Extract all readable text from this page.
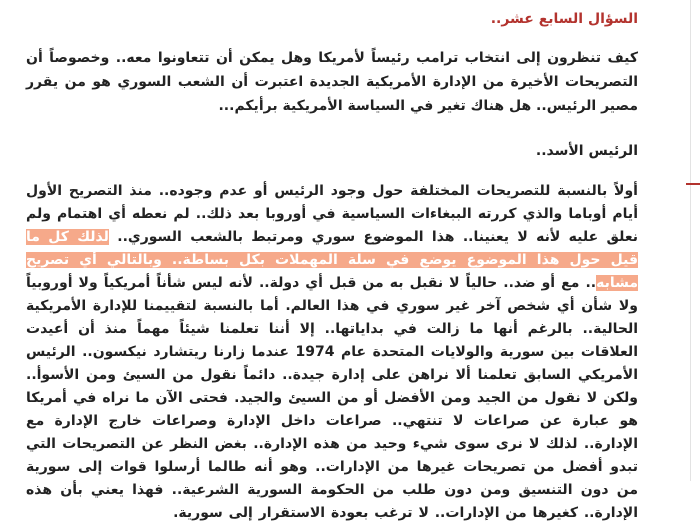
السؤال السابع عشر..

كيف تنظرون إلى انتخاب ترامب رئيساً لأمريكا وهل يمكن أن تتعاونوا معه.. وخصوصاً أن التصريحات الأخيرة من الإدارة الأمريكية الجديدة اعتبرت أن الشعب السوري هو من يقرر مصير الرئيس.. هل هناك تغير في السياسة الأمريكية برأيكم...

الرئيس الأسد..

أولاً بالنسبة للتصريحات المختلفة حول وجود الرئيس أو عدم وجوده.. منذ التصريح الأول أيام أوباما والذي كررته الببغاءات السياسية في أوروبا بعد ذلك.. لم نعطه أي اهتمام ولم نعلق عليه لأنه لا يعنينا.. هذا الموضوع سوري ومرتبط بالشعب السوري.. لذلك كل ما قيل حول هذا الموضوع يوضع في سلة المهملات بكل بساطة.. وبالتالي أي تصريح مشابه.. مع أو ضد.. حالياً لا نقبل به من قبل أي دولة.. لأنه ليس شأناً أمريكياً ولا أوروبياً ولا شأن أي شخص آخر غير سوري في هذا العالم. أما بالنسبة لتقييمنا للإدارة الأمريكية الحالية.. بالرغم أنها ما زالت في بداياتها.. إلا أننا تعلمنا شيئاً مهماً منذ أن أعيدت العلاقات بين سورية والولايات المتحدة عام 1974 عندما زارنا ريتشارد نيكسون.. الرئيس الأمريكي السابق تعلمنا ألا نراهن على إدارة جيدة.. دائماً نقول من السيئ ومن الأسوأ.. ولكن لا نقول من الجيد ومن الأفضل أو من السيئ والجيد. فحتى الآن ما نراه في أمريكا هو عبارة عن صراعات لا تنتهي.. صراعات داخل الإدارة وصراعات خارج الإدارة مع الإدارة.. لذلك لا نرى سوى شيء وحيد من هذه الإدارة.. بغض النظر عن التصريحات التي تبدو أفضل من تصريحات غيرها من الإدارات.. وهو أنه طالما أرسلوا قوات إلى سورية من دون التنسيق ومن دون طلب من الحكومة السورية الشرعية.. فهذا يعني بأن هذه الإدارة.. كغيرها من الإدارات.. لا ترغب بعودة الاستقرار إلى سورية.
